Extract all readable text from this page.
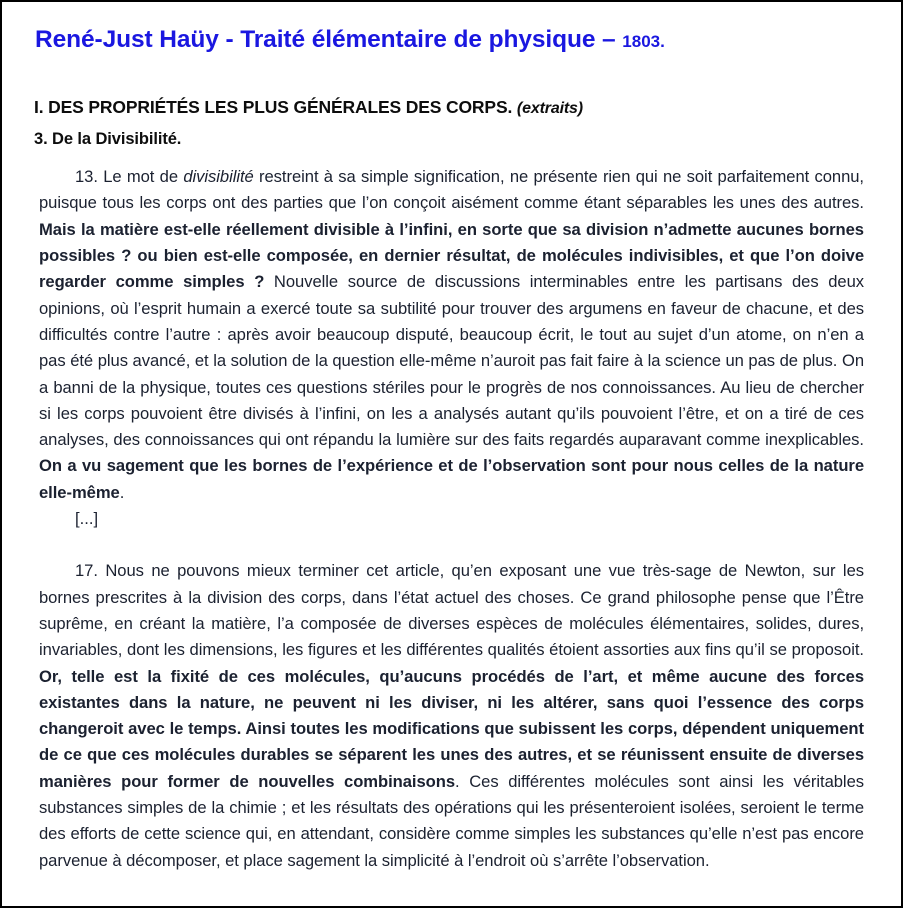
René-Just Haüy - Traité élémentaire de physique – 1803.
I. DES PROPRIÉTÉS LES PLUS GÉNÉRALES DES CORPS. (extraits)
3. De la Divisibilité.

13. Le mot de divisibilité restreint à sa simple signification, ne présente rien qui ne soit parfaitement connu, puisque tous les corps ont des parties que l’on conçoit aisément comme étant séparables les unes des autres. Mais la matière est-elle réellement divisible à l’infini, en sorte que sa division n’admette aucunes bornes possibles ? ou bien est-elle composée, en dernier résultat, de molécules indivisibles, et que l’on doive regarder comme simples ? Nouvelle source de discussions interminables entre les partisans des deux opinions, où l’esprit humain a exercé toute sa subtilité pour trouver des argumens en faveur de chacune, et des difficultés contre l’autre : après avoir beaucoup disputé, beaucoup écrit, le tout au sujet d’un atome, on n’en a pas été plus avancé, et la solution de la question elle-même n’auroit pas fait faire à la science un pas de plus. On a banni de la physique, toutes ces questions stériles pour le progrès de nos connoissances. Au lieu de chercher si les corps pouvoient être divisés à l’infini, on les a analysés autant qu’ils pouvoient l’être, et on a tiré de ces analyses, des connoissances qui ont répandu la lumière sur des faits regardés auparavant comme inexplicables. On a vu sagement que les bornes de l’expérience et de l’observation sont pour nous celles de la nature elle-même.

[...]

17. Nous ne pouvons mieux terminer cet article, qu’en exposant une vue très-sage de Newton, sur les bornes prescrites à la division des corps, dans l’état actuel des choses. Ce grand philosophe pense que l’Être suprême, en créant la matière, l’a composée de diverses espèces de molécules élémentaires, solides, dures, invariables, dont les dimensions, les figures et les différentes qualités étoient assorties aux fins qu’il se proposoit. Or, telle est la fixité de ces molécules, qu’aucuns procédés de l’art, et même aucune des forces existantes dans la nature, ne peuvent ni les diviser, ni les altérer, sans quoi l’essence des corps changeroit avec le temps. Ainsi toutes les modifications que subissent les corps, dépendent uniquement de ce que ces molécules durables se séparent les unes des autres, et se réunissent ensuite de diverses manières pour former de nouvelles combinaisons. Ces différentes molécules sont ainsi les véritables substances simples de la chimie ; et les résultats des opérations qui les présenteroient isolées, seroient le terme des efforts de cette science qui, en attendant, considère comme simples les substances qu’elle n’est pas encore parvenue à décomposer, et place sagement la simplicité à l’endroit où s’arrête l’observation.
